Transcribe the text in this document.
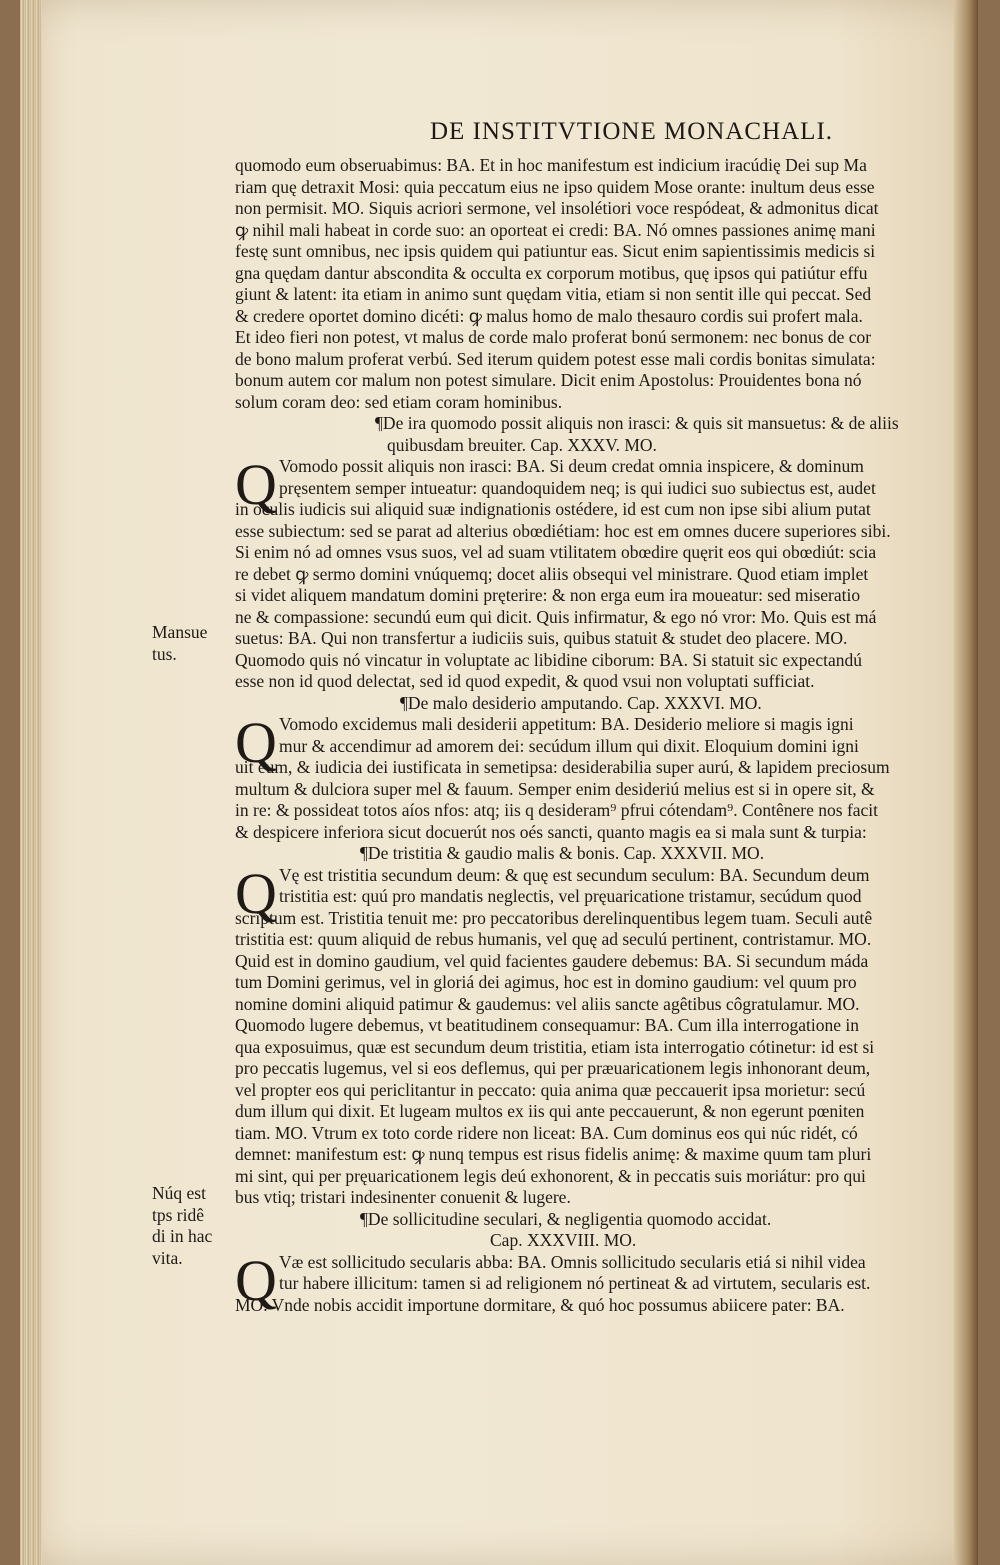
DE INSTITVTIONE MONACHALI.
Mansue
tus.
Núq est
tps ridê
di in hac
vita.
quomodo eum obseruabimus: BA. Et in hoc manifestum est indicium iracúdię Dei sup Ma
riam quę detraxit Mosi: quia peccatum eius ne ipso quidem Mose orante: inultum deus esse
non permisit. MO. Siquis acriori sermone, vel insolétiori voce respódeat, & admonitus dicat
ꝙ nihil mali habeat in corde suo: an oporteat ei credi: BA. Nó omnes passiones animę mani
festę sunt omnibus, nec ipsis quidem qui patiuntur eas. Sicut enim sapientissimis medicis si
gna quędam dantur abscondita & occulta ex corporum motibus, quę ipsos qui patiútur effu
giunt & latent: ita etiam in animo sunt quędam vitia, etiam si non sentit ille qui peccat. Sed
& credere oportet domino dicéti: ꝙ malus homo de malo thesauro cordis sui profert mala.
Et ideo fieri non potest, vt malus de corde malo proferat bonú sermonem: nec bonus de cor
de bono malum proferat verbú. Sed iterum quidem potest esse mali cordis bonitas simulata:
bonum autem cor malum non potest simulare. Dicit enim Apostolus: Prouidentes bona nó
solum coram deo: sed etiam coram hominibus.
¶De ira quomodo possit aliquis non irasci: & quis sit mansuetus: & de aliis
quibusdam breuiter. Cap. XXXV. MO.
Q Vomodo possit aliquis non irasci: BA. Si deum credat omnia inspicere, & dominum
pręsentem semper intueatur: quandoquidem neq; is qui iudici suo subiectus est, audet
in oculis iudicis sui aliquid suæ indignationis ostédere, id est cum non ipse sibi alium putat
esse subiectum: sed se parat ad alterius obœdiétiam: hoc est em omnes ducere superiores sibi.
Si enim nó ad omnes vsus suos, vel ad suam vtilitatem obœdire quęrit eos qui obœdiút: scia
re debet ꝙ sermo domini vnúquemq; docet aliis obsequi vel ministrare. Quod etiam implet
si videt aliquem mandatum domini pręterire: & non erga eum ira moueatur: sed miseratio
ne & compassione: secundú eum qui dicit. Quis infirmatur, & ego nó vror: Mo. Quis est má
suetus: BA. Qui non transfertur a iudiciis suis, quibus statuit & studet deo placere. MO.
Quomodo quis nó vincatur in voluptate ac libidine ciborum: BA. Si statuit sic expectandú
esse non id quod delectat, sed id quod expedit, & quod vsui non voluptati sufficiat.
¶De malo desiderio amputando. Cap. XXXVI. MO.
Q Vomodo excidemus mali desiderii appetitum: BA. Desiderio meliore si magis igni
mur & accendimur ad amorem dei: secúdum illum qui dixit. Eloquium domini igni
uit eum, & iudicia dei iustificata in semetipsa: desiderabilia super aurú, & lapidem preciosum
multum & dulciora super mel & fauum. Semper enim desideriú melius est si in opere sit, &
in re: & possideat totos aíos nfos: atq; iis q desideram⁹ pfrui cótendam⁹. Contênere nos facit
& despicere inferiora sicut docuerút nos oés sancti, quanto magis ea si mala sunt & turpia:
¶De tristitia & gaudio malis & bonis. Cap. XXXVII. MO.
Q Vę est tristitia secundum deum: & quę est secundum seculum: BA. Secundum deum
tristitia est: quú pro mandatis neglectis, vel pręuaricatione tristamur, secúdum quod
scriptum est. Tristitia tenuit me: pro peccatoribus derelinquentibus legem tuam. Seculi autê
tristitia est: quum aliquid de rebus humanis, vel quę ad seculú pertinent, contristamur. MO.
Quid est in domino gaudium, vel quid facientes gaudere debemus: BA. Si secundum máda
tum Domini gerimus, vel in gloriá dei agimus, hoc est in domino gaudium: vel quum pro
nomine domini aliquid patimur & gaudemus: vel aliis sancte agêtibus côgratulamur. MO.
Quomodo lugere debemus, vt beatitudinem consequamur: BA. Cum illa interrogatione in
qua exposuimus, quæ est secundum deum tristitia, etiam ista interrogatio cótinetur: id est si
pro peccatis lugemus, vel si eos deflemus, qui per præuaricationem legis inhonorant deum,
vel propter eos qui periclitantur in peccato: quia anima quæ peccauerit ipsa morietur: secú
dum illum qui dixit. Et lugeam multos ex iis qui ante peccauerunt, & non egerunt pœniten
tiam. MO. Vtrum ex toto corde ridere non liceat: BA. Cum dominus eos qui núc ridét, có
demnet: manifestum est: ꝙ nunq tempus est risus fidelis animę: & maxime quum tam pluri
mi sint, qui per pręuaricationem legis deú exhonorent, & in peccatis suis moriátur: pro qui
bus vtiq; tristari indesinenter conuenit & lugere.
¶De sollicitudine seculari, & negligentia quomodo accidat.
Cap. XXXVIII. MO.
Q Væ est sollicitudo secularis abba: BA. Omnis sollicitudo secularis etiá si nihil videa
tur habere illicitum: tamen si ad religionem nó pertineat & ad virtutem, secularis est.
MO. Vnde nobis accidit importune dormitare, & quó hoc possumus abiicere pater: BA.
